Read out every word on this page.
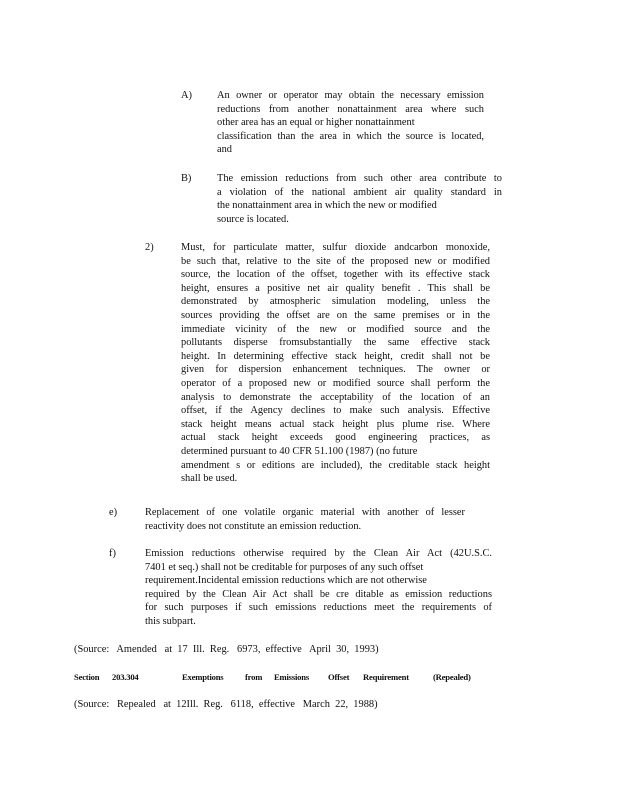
A) An owner or operator may obtain the necessary emission
reductions from another nonattainment area where such
other area has an equal or higher nonattainment
classification than the area in which the source is located,
and
B) The emission reductions from such other area contribute to
a violation of the national ambient air quality standard in
the nonattainment area in which the new or modified
source is located.
2)	Must, for particulate matter, sulfur dioxide andcarbon monoxide,
be such that, relative to the site of the proposed new or modified
source, the location of the offset, together with its effective stack
height, ensures a positive net air quality benefit . This shall be
demonstrated by atmospheric simulation modeling, unless the
sources providing the offset are on the same premises or in the
immediate vicinity of the new or modified source and the
pollutants disperse fromsubstantially the same effective stack
height. In determining effective stack height, credit shall not be
given for dispersion enhancement techniques. The owner or
operator of a proposed new or modified source shall perform the
analysis to demonstrate the acceptability of the location of an
offset, if the Agency declines to make such analysis. Effective
stack height means actual stack height plus plume rise. Where
actual stack height exceeds good engineering practices, as
determined pursuant to 40 CFR 51.100 (1987) (no future
amendment s or editions are included), the creditable stack height
shall be used.
e)	Replacement of one volatile organic material with another of lesser
reactivity does not constitute an emission reduction.
f)	Emission reductions otherwise required by the Clean Air Act (42U.S.C.
7401 et seq.) shall not be creditable for purposes of any such offset
requirement.Incidental emission reductions which are not otherwise
required by the Clean Air Act shall be cre ditable as emission reductions
for such purposes if such emissions reductions meet the requirements of
this subpart.
(Source:   Amended   at  17  Ill.  Reg.   6973,  effective   April  30,  1993)
Section 203.304	Exemptions	from Emissions Offset Requirement	(Repealed)
(Source:   Repealed   at  12Ill.  Reg.   6118,  effective   March  22,  1988)
